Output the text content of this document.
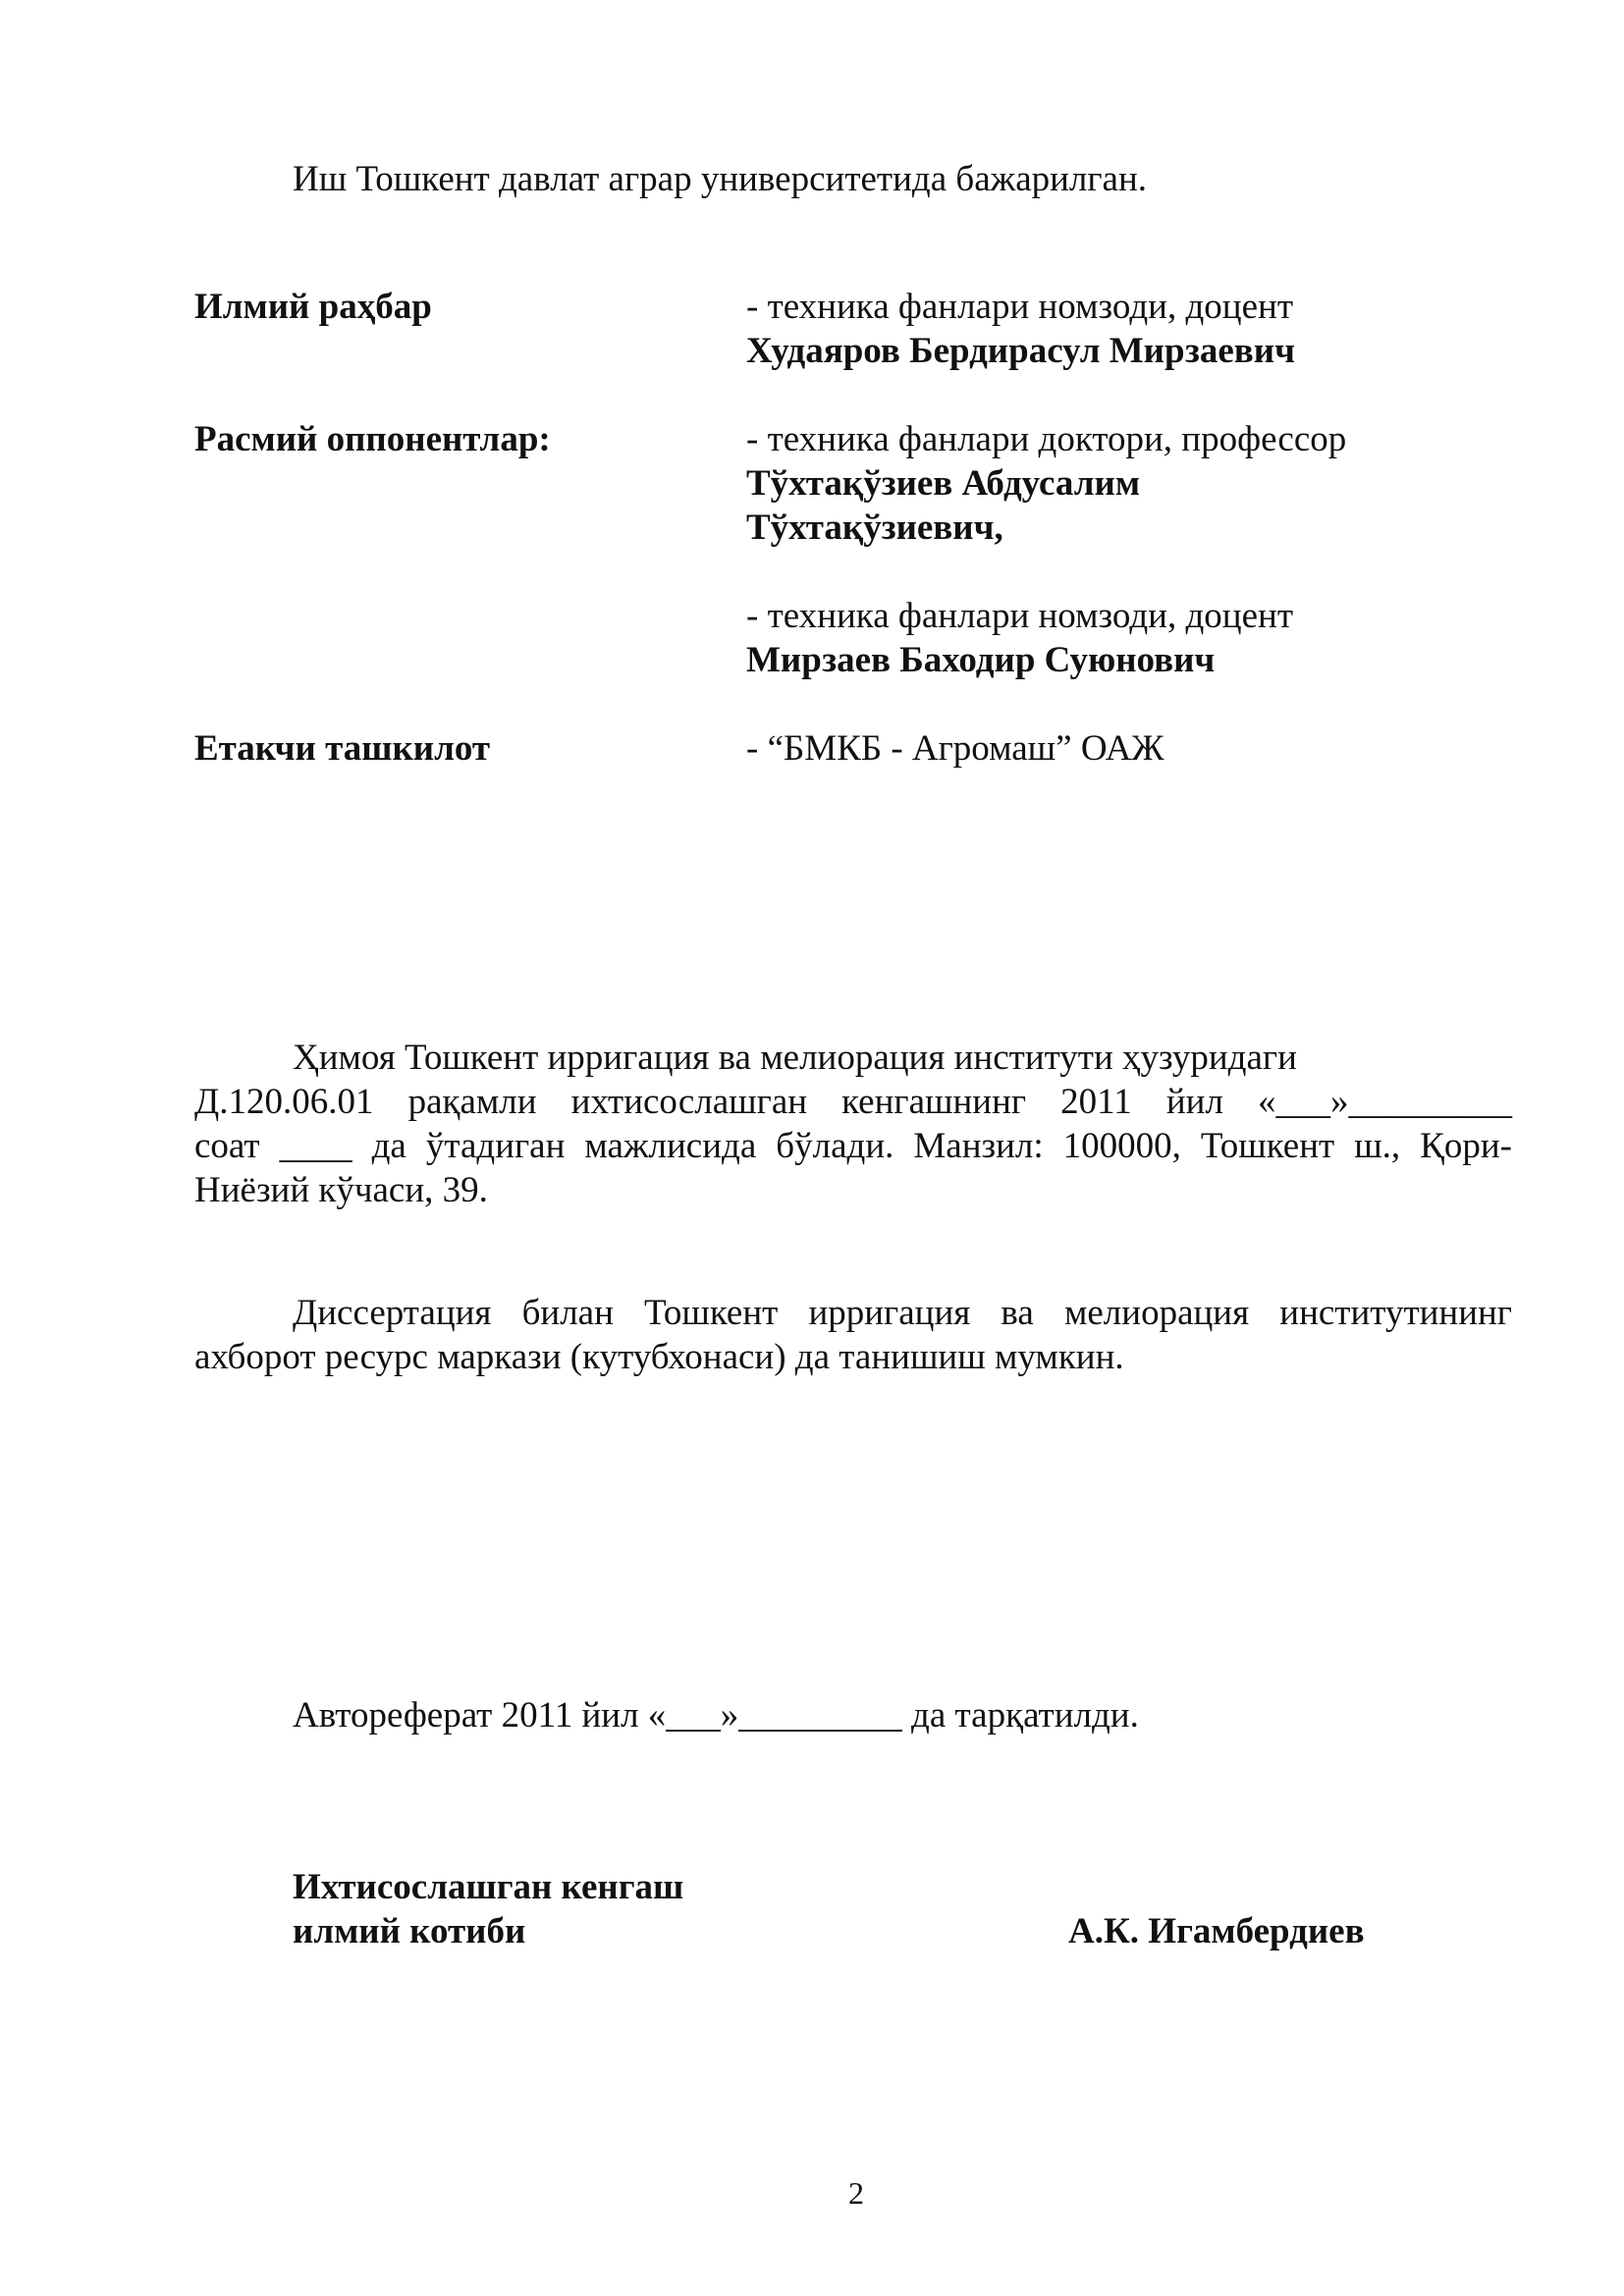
Иш Тошкент давлат аграр университетида бажарилган.
Илмий раҳбар	- техника фанлари номзоди, доцент
Худаяров Бердирасул Мирзаевич
Расмий оппонентлар:	- техника фанлари доктори, профессор
Тўхтақўзиев Абдусалим
Тўхтақўзиевич,
- техника фанлари номзоди, доцент
Мирзаев Баходир Суюнович
Етакчи ташкилот	- “БМКБ - Агромаш” ОАЖ
Ҳимоя Тошкент ирригация ва мелиорация институти ҳузуридаги
Д.120.06.01 рақамли ихтисослашган кенгашнинг 2011 йил «___»_________
соат ____ да ўтадиган мажлисида бўлади. Манзил: 100000, Тошкент ш., Қори-
Ниёзий кўчаси, 39.
Диссертация билан Тошкент ирригация ва мелиорация институтининг
ахборот ресурс маркази (кутубхонаси) да танишиш мумкин.
Автореферат 2011 йил «___»_________ да тарқатилди.
Ихтисослашган кенгаш
илмий котиби	А.К. Игамбердиев
2
